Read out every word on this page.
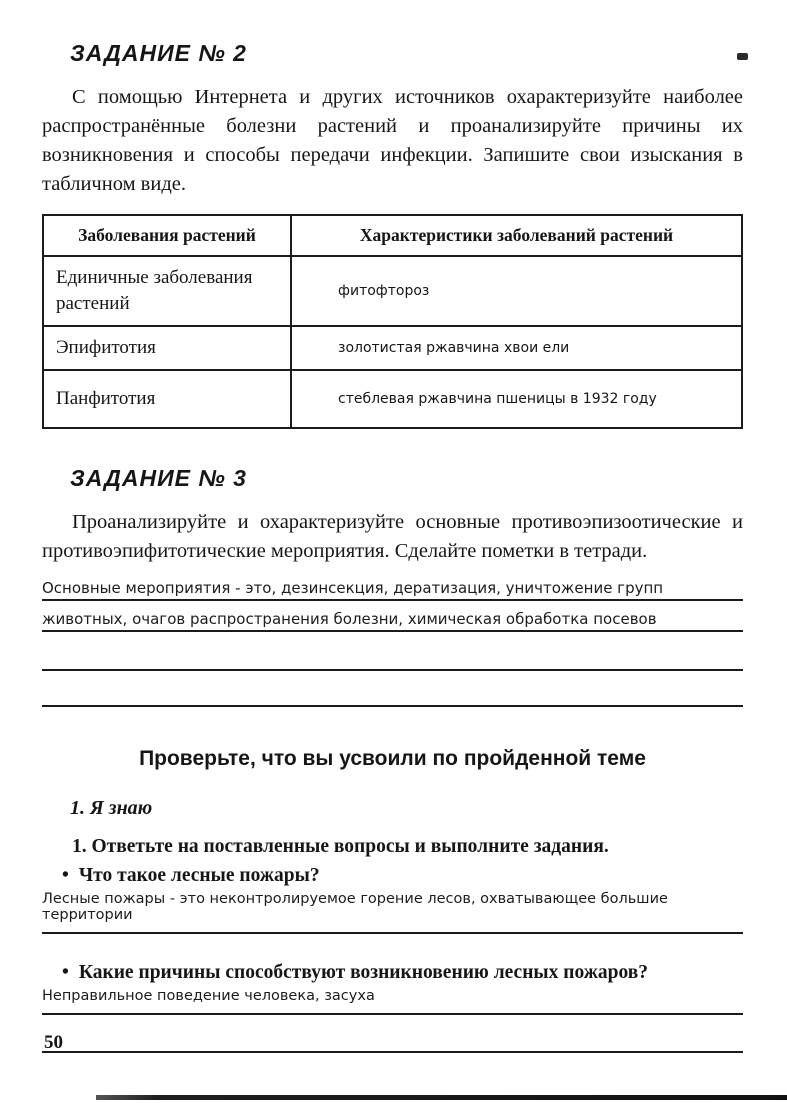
ЗАДАНИЕ № 2

С помощью Интернета и других источников охарактеризуйте наиболее распространённые болезни растений и проанализируйте причины их возникновения и способы передачи инфекции. Запишите свои изыскания в табличном виде.

Заболевания растений	Характеристики заболеваний растений
Единичные заболевания растений	фитофтороз
Эпифитотия	золотистая ржавчина хвои ели
Панфитотия	стеблевая ржавчина пшеницы в 1932 году
ЗАДАНИЕ № 3

Проанализируйте и охарактеризуйте основные противоэпизоотические и противоэпифитотические мероприятия. Сделайте пометки в тетради.

Основные мероприятия - это, дезинсекция, дератизация, уничтожение групп животных, очагов распространения болезни, химическая обработка посевов
Проверьте, что вы усвоили по пройденной теме
1. Я знаю

1. Ответьте на поставленные вопросы и выполните задания.

• Что такое лесные пожары?
Лесные пожары - это неконтролируемое горение лесов, охватывающее большие территории
• Какие причины способствуют возникновению лесных пожаров?
Неправильное поведение человека, засуха
50
